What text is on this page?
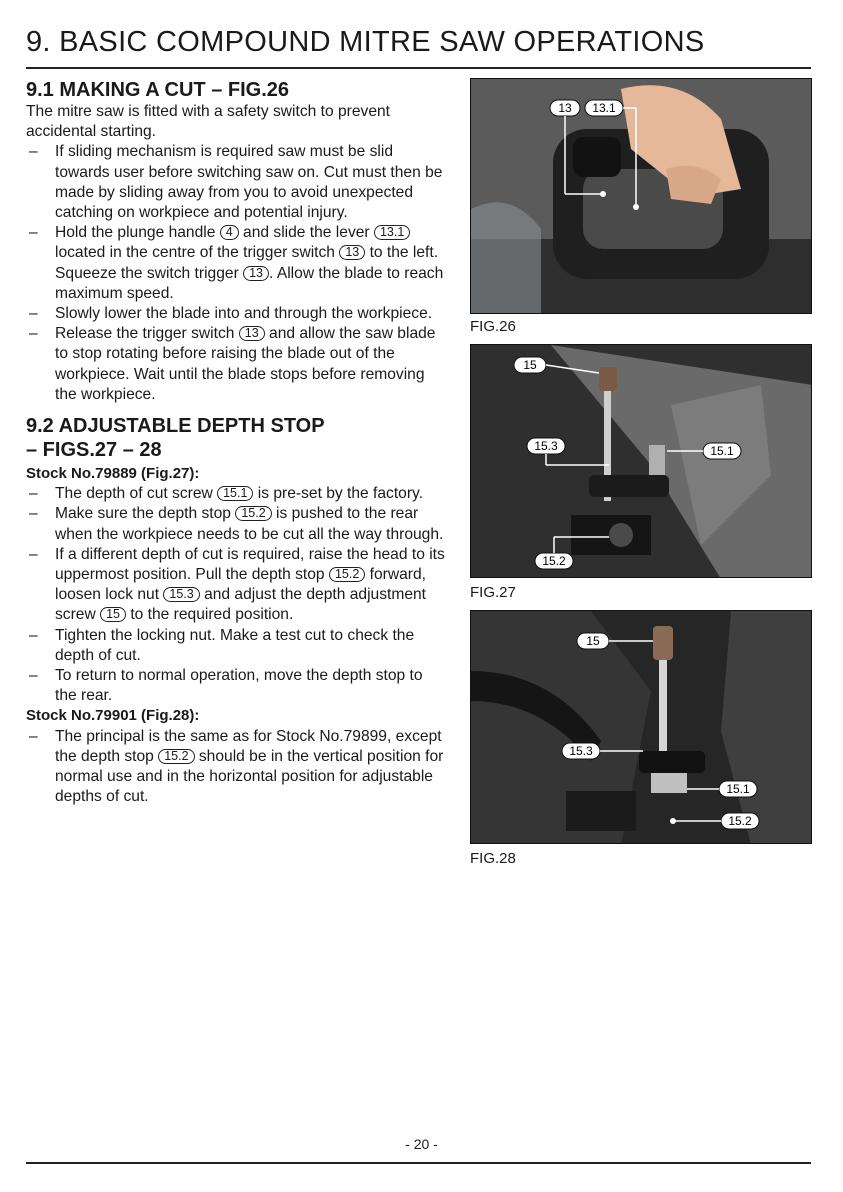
9. BASIC COMPOUND MITRE SAW OPERATIONS
9.1 MAKING A CUT – FIG.26
The mitre saw is fitted with a safety switch to prevent accidental starting.
– If sliding mechanism is required saw must be slid towards user before switching saw on. Cut must then be made by sliding away from you to avoid unexpected catching on workpiece and potential injury.
– Hold the plunge handle 4 and slide the lever 13.1 located in the centre of the trigger switch 13 to the left.
Squeeze the switch trigger 13 . Allow the blade to reach maximum speed.
– Slowly lower the blade into and through the workpiece.
– Release the trigger switch 13 and allow the saw blade to stop rotating before raising the blade out of the workpiece. Wait until the blade stops before removing the workpiece.
9.2 ADJUSTABLE DEPTH STOP
– FIGS.27 – 28
Stock No.79889 (Fig.27):
– The depth of cut screw 15.1 is pre-set by the factory.
– Make sure the depth stop 15.2 is pushed to the rear when the workpiece needs to be cut all the way through.
– If a different depth of cut is required, raise the head to its uppermost position. Pull the depth stop 15.2 forward, loosen lock nut 15.3 and adjust the depth adjustment screw 15 to the required position.
– Tighten the locking nut. Make a test cut to check the depth of cut.
– To return to normal operation, move the depth stop to the rear.
Stock No.79901 (Fig.28):
– The principal is the same as for Stock No.79899, except the depth stop 15.2 should be in the vertical position for normal use and in the horizontal position for adjustable depths of cut.
13 13.1
FIG.26
15
15.3	15.1
15.2
FIG.27
15
15.3
15.1
15.2
FIG.28
- 20 -
